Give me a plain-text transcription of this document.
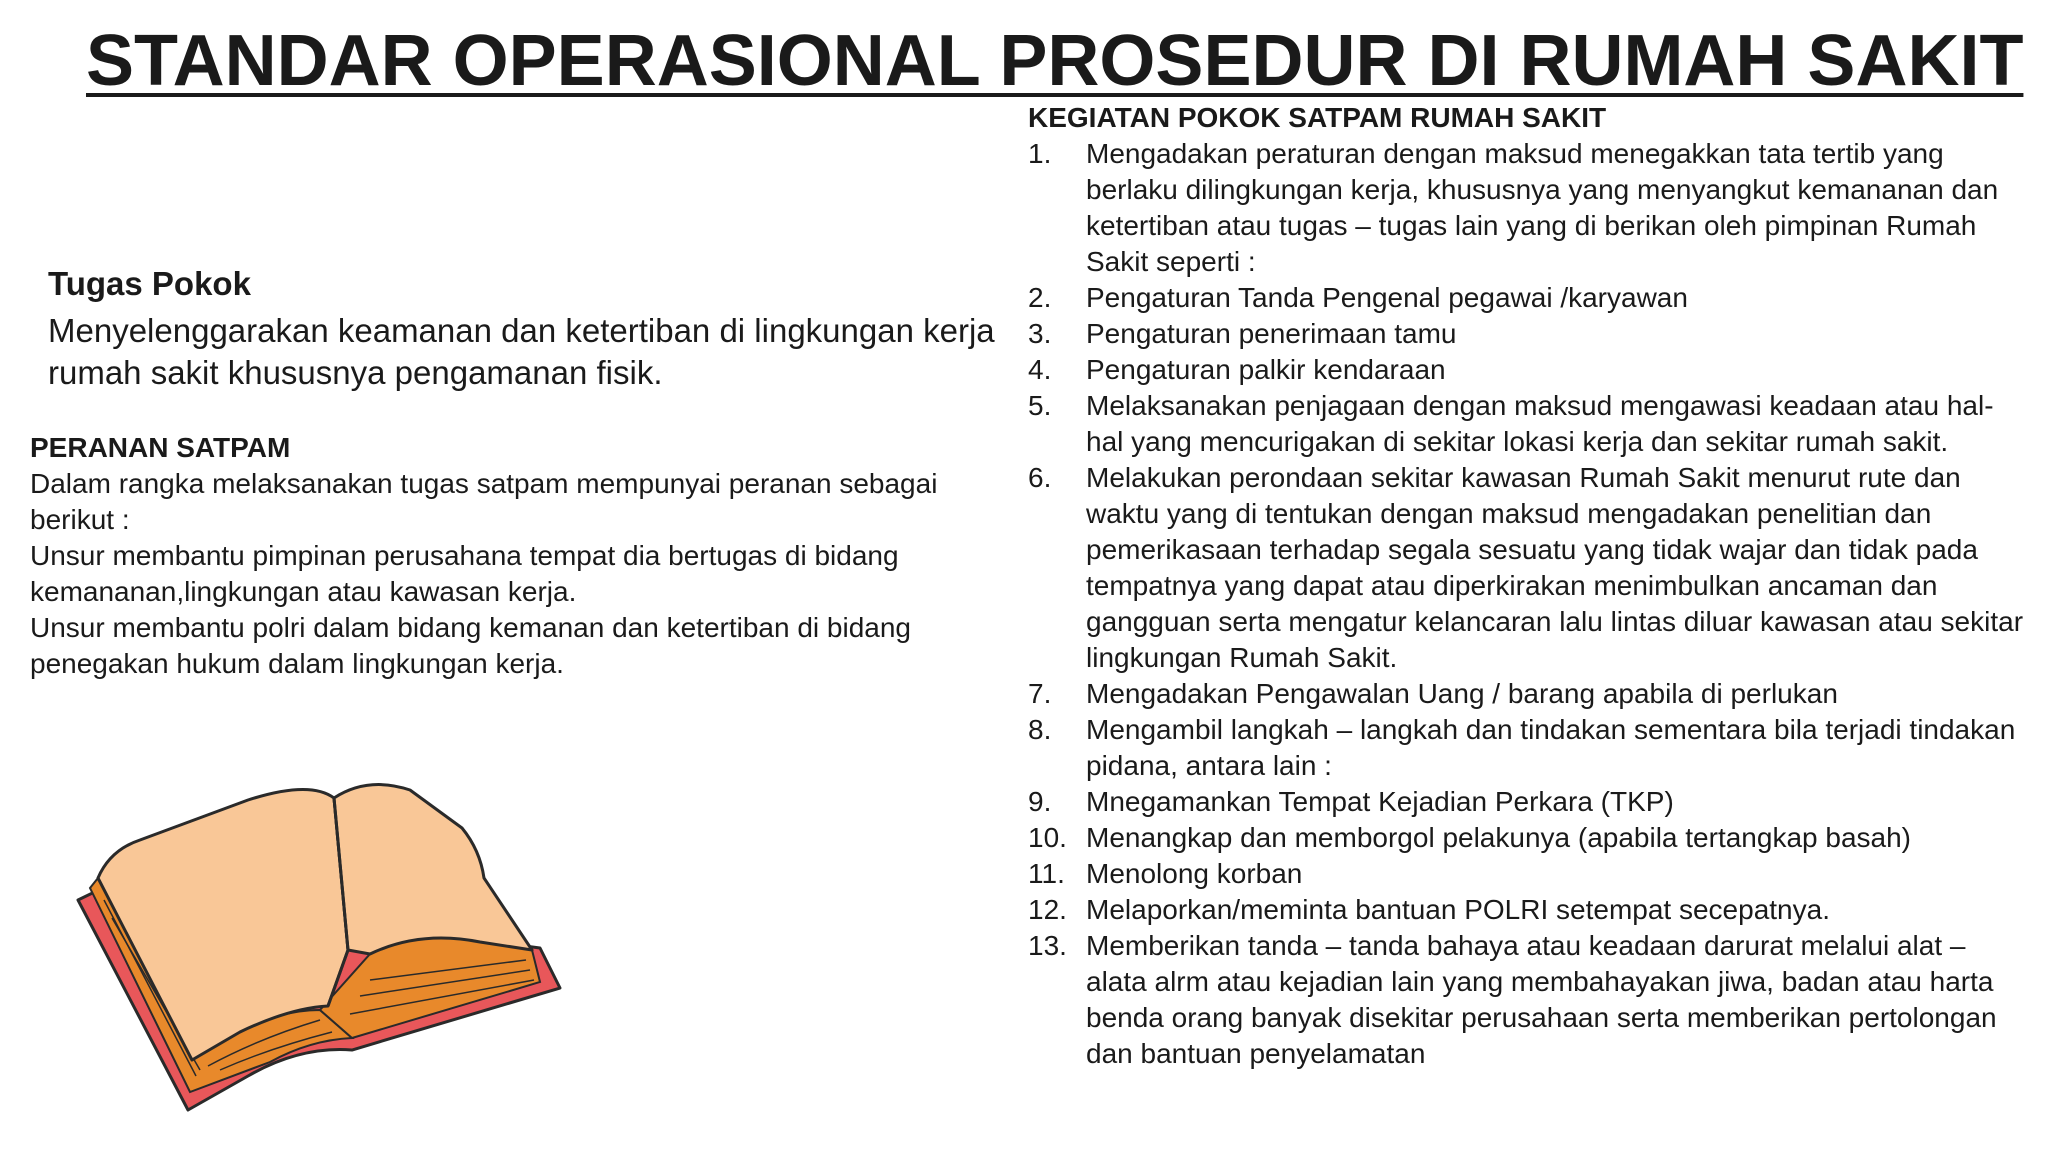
STANDAR OPERASIONAL PROSEDUR DI RUMAH SAKIT
Tugas Pokok

Menyelenggarakan keamanan dan ketertiban di lingkungan kerja rumah sakit khususnya pengamanan fisik.

PERANAN SATPAM

Dalam rangka melaksanakan tugas satpam mempunyai peranan sebagai berikut :

Unsur membantu pimpinan perusahana tempat dia bertugas di bidang kemananan,lingkungan atau kawasan kerja.

Unsur membantu polri dalam bidang kemanan dan ketertiban di bidang penegakan hukum dalam lingkungan kerja.

KEGIATAN POKOK SATPAM RUMAH SAKIT
1.	Mengadakan peraturan dengan maksud menegakkan tata tertib yang berlaku dilingkungan kerja, khususnya yang menyangkut kemananan dan ketertiban atau tugas – tugas lain yang di berikan oleh pimpinan Rumah Sakit seperti :
2.	Pengaturan Tanda Pengenal pegawai /karyawan
3.	Pengaturan penerimaan tamu
4.	Pengaturan palkir kendaraan
5.	Melaksanakan penjagaan dengan maksud mengawasi keadaan atau hal-hal yang mencurigakan di sekitar lokasi kerja dan sekitar rumah sakit.
6.	Melakukan perondaan sekitar kawasan Rumah Sakit menurut rute dan waktu yang di tentukan dengan maksud mengadakan penelitian dan pemerikasaan terhadap segala sesuatu yang tidak wajar dan tidak pada tempatnya yang dapat atau diperkirakan menimbulkan ancaman dan gangguan serta mengatur kelancaran lalu lintas diluar kawasan atau sekitar lingkungan Rumah Sakit.
7.	Mengadakan Pengawalan Uang / barang apabila di perlukan
8.	Mengambil langkah – langkah dan tindakan sementara bila terjadi tindakan pidana, antara lain :
9.	Mnegamankan Tempat Kejadian Perkara (TKP)
10. Menangkap dan memborgol pelakunya (apabila tertangkap basah)
11. Menolong korban
12. Melaporkan/meminta bantuan POLRI setempat secepatnya.
13. Memberikan tanda – tanda bahaya atau keadaan darurat melalui alat – alata alrm atau kejadian lain yang membahayakan jiwa, badan atau harta benda orang banyak disekitar perusahaan serta memberikan pertolongan dan bantuan penyelamatan
